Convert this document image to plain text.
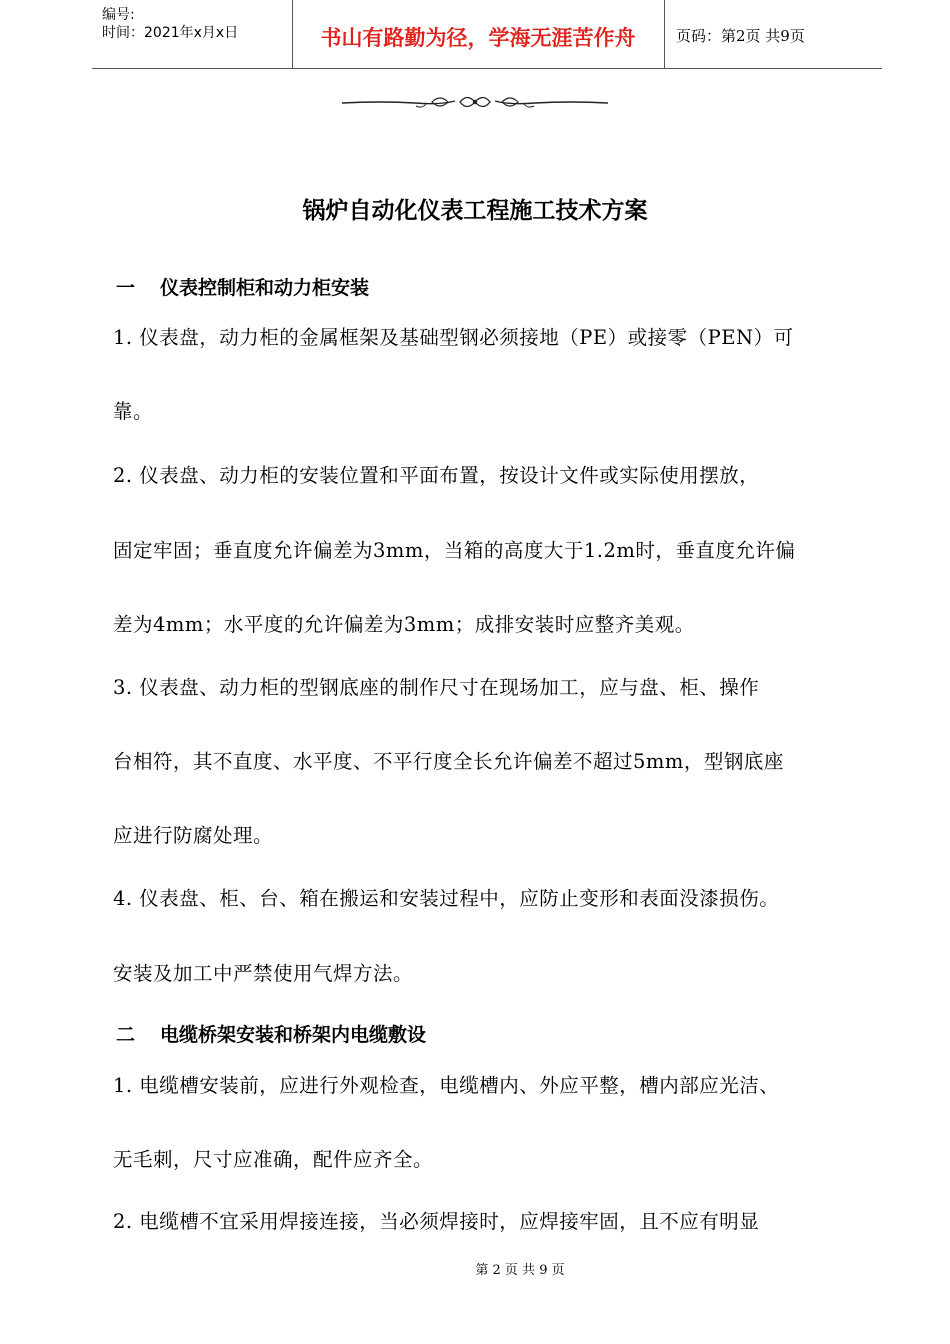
编号:
时间：2021年x月x日	书山有路勤为径，学海无涯苦作舟	页码：第2页 共9页
锅炉自动化仪表工程施工技术方案
一 仪表控制柜和动力柜安装
1. 仪表盘，动力柜的金属框架及基础型钢必须接地（PE）或接零（PEN）可
靠。
2. 仪表盘、动力柜的安装位置和平面布置，按设计文件或实际使用摆放，
固定牢固；垂直度允许偏差为3mm，当箱的高度大于1.2m时，垂直度允许偏
差为4mm；水平度的允许偏差为3mm；成排安装时应整齐美观。
3. 仪表盘、动力柜的型钢底座的制作尺寸在现场加工，应与盘、柜、操作
台相符，其不直度、水平度、不平行度全长允许偏差不超过5mm，型钢底座
应进行防腐处理。
4. 仪表盘、柜、台、箱在搬运和安装过程中，应防止变形和表面没漆损伤。
安装及加工中严禁使用气焊方法。
二 电缆桥架安装和桥架内电缆敷设
1. 电缆槽安装前，应进行外观检查，电缆槽内、外应平整，槽内部应光洁、
无毛刺，尺寸应准确，配件应齐全。
2. 电缆槽不宜采用焊接连接，当必须焊接时，应焊接牢固，且不应有明显
第 2 页 共 9 页
